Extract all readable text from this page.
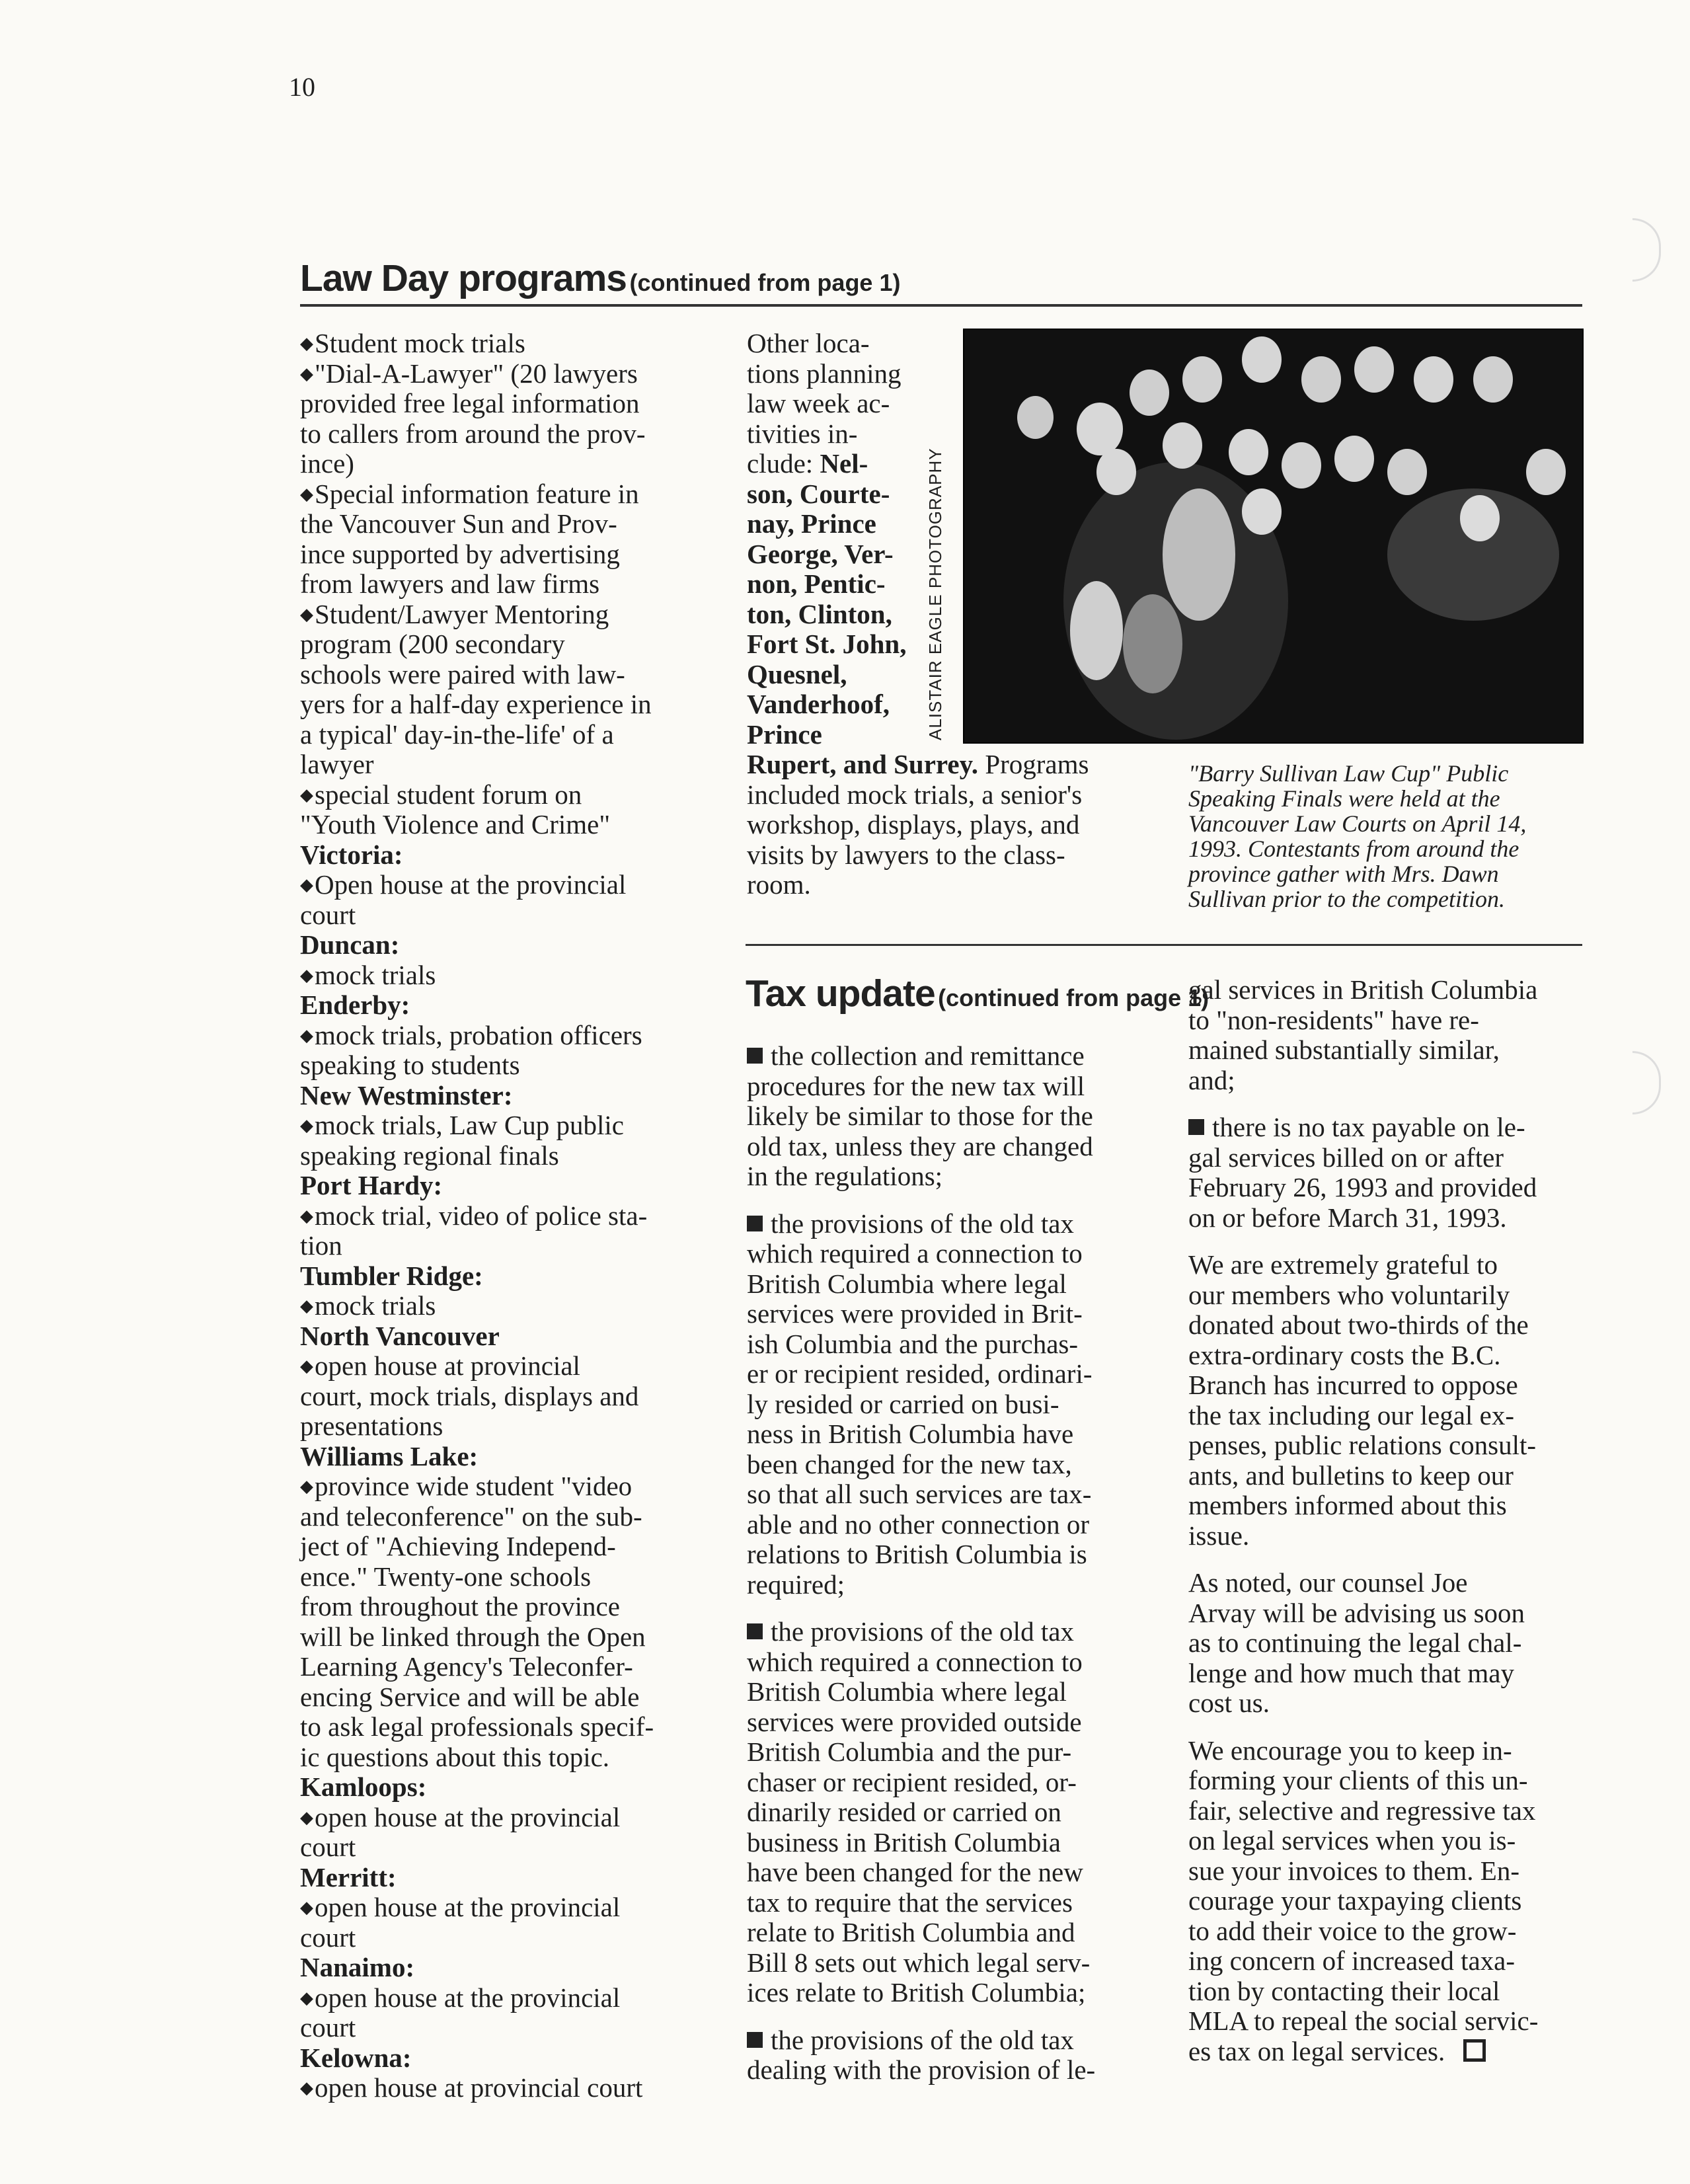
10
Law Day programs (continued from page 1)
◆Student mock trials
◆"Dial-A-Lawyer" (20 lawyers
provided free legal information
to callers from around the prov-
ince)
◆Special information feature in
the Vancouver Sun and Prov-
ince supported by advertising
from lawyers and law firms
◆Student/Lawyer Mentoring
program (200 secondary
schools were paired with law-
yers for a half-day experience in
a typical' day-in-the-life' of a
lawyer
◆special student forum on
"Youth Violence and Crime"
Victoria:
◆Open house at the provincial
court
Duncan:
◆mock trials
Enderby:
◆mock trials, probation officers
speaking to students
New Westminster:
◆mock trials, Law Cup public
speaking regional finals
Port Hardy:
◆mock trial, video of police sta-
tion
Tumbler Ridge:
◆mock trials
North Vancouver
◆open house at provincial
court, mock trials, displays and
presentations
Williams Lake:
◆province wide student "video
and teleconference" on the sub-
ject of "Achieving Independ-
ence." Twenty-one schools
from throughout the province
will be linked through the Open
Learning Agency's Teleconfer-
encing Service and will be able
to ask legal professionals specif-
ic questions about this topic.
Kamloops:
◆open house at the provincial
court
Merritt:
◆open house at the provincial
court
Nanaimo:
◆open house at the provincial
court
Kelowna:
◆open house at provincial court
Other loca-
tions planning
law week ac-
tivities in-
clude: Nel-
son, Courte-
nay, Prince
George, Ver-
non, Pentic-
ton, Clinton,
Fort St. John,
Quesnel,
Vanderhoof,
Prince
Rupert, and Surrey. Programs
included mock trials, a senior's
workshop, displays, plays, and
visits by lawyers to the class-
room.
ALISTAIR EAGLE PHOTOGRAPHY
"Barry Sullivan Law Cup" Public
Speaking Finals were held at the
Vancouver Law Courts on April 14,
1993. Contestants from around the
province gather with Mrs. Dawn
Sullivan prior to the competition.
Tax update (continued from page 1)
the collection and remittance
procedures for the new tax will
likely be similar to those for the
old tax, unless they are changed
in the regulations;
the provisions of the old tax
which required a connection to
British Columbia where legal
services were provided in Brit-
ish Columbia and the purchas-
er or recipient resided, ordinari-
ly resided or carried on busi-
ness in British Columbia have
been changed for the new tax,
so that all such services are tax-
able and no other connection or
relations to British Columbia is
required;
the provisions of the old tax
which required a connection to
British Columbia where legal
services were provided outside
British Columbia and the pur-
chaser or recipient resided, or-
dinarily resided or carried on
business in British Columbia
have been changed for the new
tax to require that the services
relate to British Columbia and
Bill 8 sets out which legal serv-
ices relate to British Columbia;
the provisions of the old tax
dealing with the provision of le-
gal services in British Columbia
to "non-residents" have re-
mained substantially similar,
and;
there is no tax payable on le-
gal services billed on or after
February 26, 1993 and provided
on or before March 31, 1993.
We are extremely grateful to
our members who voluntarily
donated about two-thirds of the
extra-ordinary costs the B.C.
Branch has incurred to oppose
the tax including our legal ex-
penses, public relations consult-
ants, and bulletins to keep our
members informed about this
issue.
As noted, our counsel Joe
Arvay will be advising us soon
as to continuing the legal chal-
lenge and how much that may
cost us.
We encourage you to keep in-
forming your clients of this un-
fair, selective and regressive tax
on legal services when you is-
sue your invoices to them. En-
courage your taxpaying clients
to add their voice to the grow-
ing concern of increased taxa-
tion by contacting their local
MLA to repeal the social servic-
es tax on legal services.
